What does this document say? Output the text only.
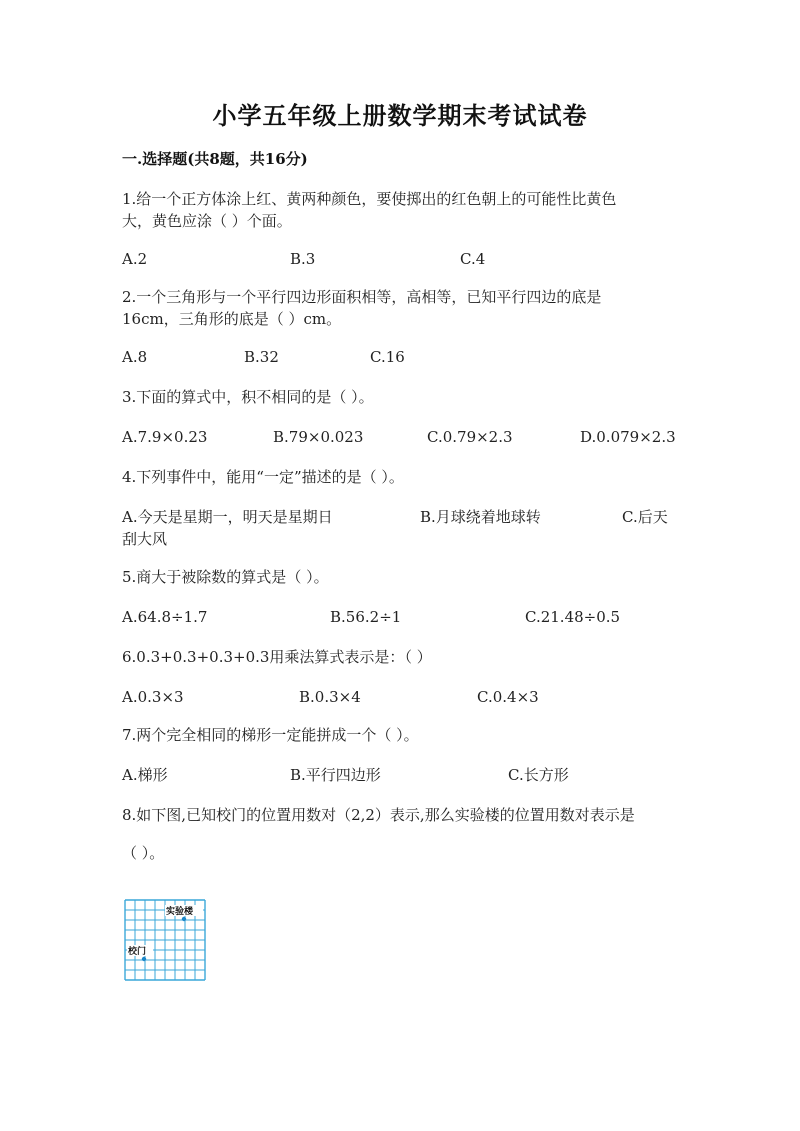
小学五年级上册数学期末考试试卷
一.选择题(共8题，共16分)
1.给一个正方体涂上红、黄两种颜色，要使掷出的红色朝上的可能性比黄色
大，黄色应涂（ ）个面。
A.2	B.3	C.4
2.一个三角形与一个平行四边形面积相等，高相等，已知平行四边的底是
16cm，三角形的底是（ ）cm。
A.8	B.32	C.16
3.下面的算式中，积不相同的是（ ）。
A.7.9×0.23	B.79×0.023	C.0.79×2.3	D.0.079×2.3
4.下列事件中，能用“一定”描述的是（ ）。
A.今天是星期一，明天是星期日	B.月球绕着地球转	C.后天
刮大风
5.商大于被除数的算式是（ ）。
A.64.8÷1.7	B.56.2÷1	C.21.48÷0.5
6.0.3+0.3+0.3+0.3用乘法算式表示是：（ ）
A.0.3×3	B.0.3×4	C.0.4×3
7.两个完全相同的梯形一定能拼成一个（ ）。
A.梯形	B.平行四边形	C.长方形
8.如下图,已知校门的位置用数对（2,2）表示,那么实验楼的位置用数对表示是
（ ）。
实验楼
校门
